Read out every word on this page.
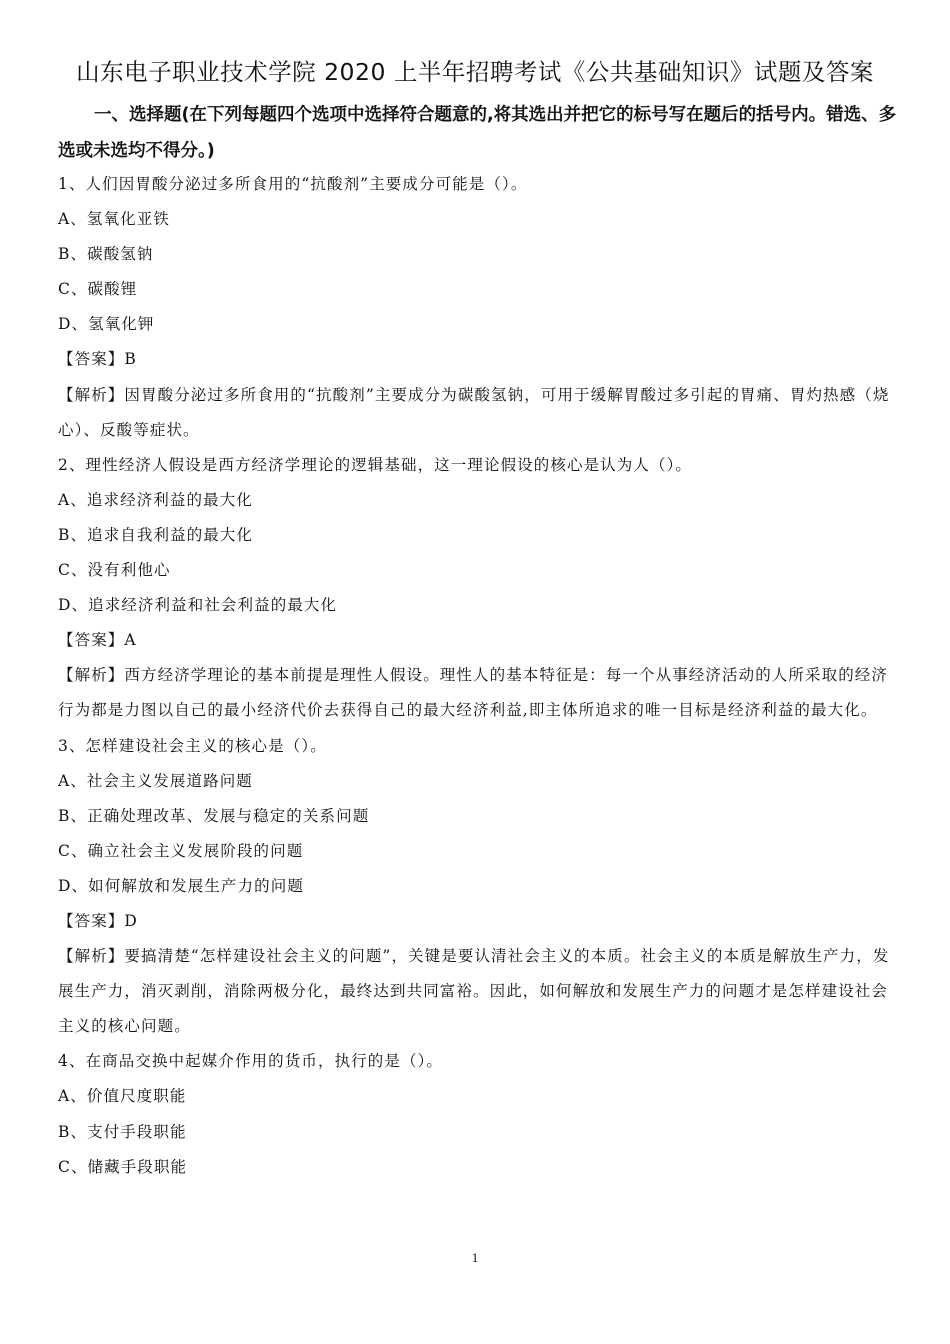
山东电子职业技术学院 2020 上半年招聘考试《公共基础知识》试题及答案
一、选择题(在下列每题四个选项中选择符合题意的,将其选出并把它的标号写在题后的括号内。错选、多选或未选均不得分。)
1、人们因胃酸分泌过多所食用的“抗酸剂”主要成分可能是（）。
A、氢氧化亚铁
B、碳酸氢钠
C、碳酸锂
D、氢氧化钾
【答案】B
【解析】因胃酸分泌过多所食用的“抗酸剂”主要成分为碳酸氢钠，可用于缓解胃酸过多引起的胃痛、胃灼热感（烧心）、反酸等症状。
2、理性经济人假设是西方经济学理论的逻辑基础，这一理论假设的核心是认为人（）。
A、追求经济利益的最大化
B、追求自我利益的最大化
C、没有利他心
D、追求经济利益和社会利益的最大化
【答案】A
【解析】西方经济学理论的基本前提是理性人假设。理性人的基本特征是：每一个从事经济活动的人所采取的经济行为都是力图以自己的最小经济代价去获得自己的最大经济利益,即主体所追求的唯一目标是经济利益的最大化。
3、怎样建设社会主义的核心是（）。
A、社会主义发展道路问题
B、正确处理改革、发展与稳定的关系问题
C、确立社会主义发展阶段的问题
D、如何解放和发展生产力的问题
【答案】D
【解析】要搞清楚“怎样建设社会主义的问题”，关键是要认清社会主义的本质。社会主义的本质是解放生产力，发展生产力，消灭剥削，消除两极分化，最终达到共同富裕。因此，如何解放和发展生产力的问题才是怎样建设社会主义的核心问题。
4、在商品交换中起媒介作用的货币，执行的是（）。
A、价值尺度职能
B、支付手段职能
C、储藏手段职能
1
